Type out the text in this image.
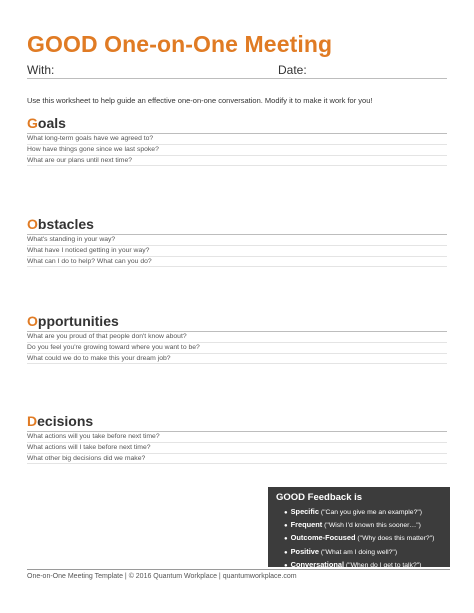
GOOD One-on-One Meeting
With:	Date:
Use this worksheet to help guide an effective one-on-one conversation. Modify it to make it work for you!
Goals
What long-term goals have we agreed to?
How have things gone since we last spoke?
What are our plans until next time?
Obstacles
What's standing in your way?
What have I noticed getting in your way?
What can I do to help? What can you do?
Opportunities
What are you proud of that people don't know about?
Do you feel you're growing toward where you want to be?
What could we do to make this your dream job?
Decisions
What actions will you take before next time?
What actions will I take before next time?
What other big decisions did we make?
GOOD Feedback is
● Specific ("Can you give me an example?")
● Frequent ("Wish I'd known this sooner…")
● Outcome-Focused ("Why does this matter?")
● Positive ("What am I doing well?")
● Conversational ("When do I get to talk?")
One-on-One Meeting Template | © 2016 Quantum Workplace | quantumworkplace.com
